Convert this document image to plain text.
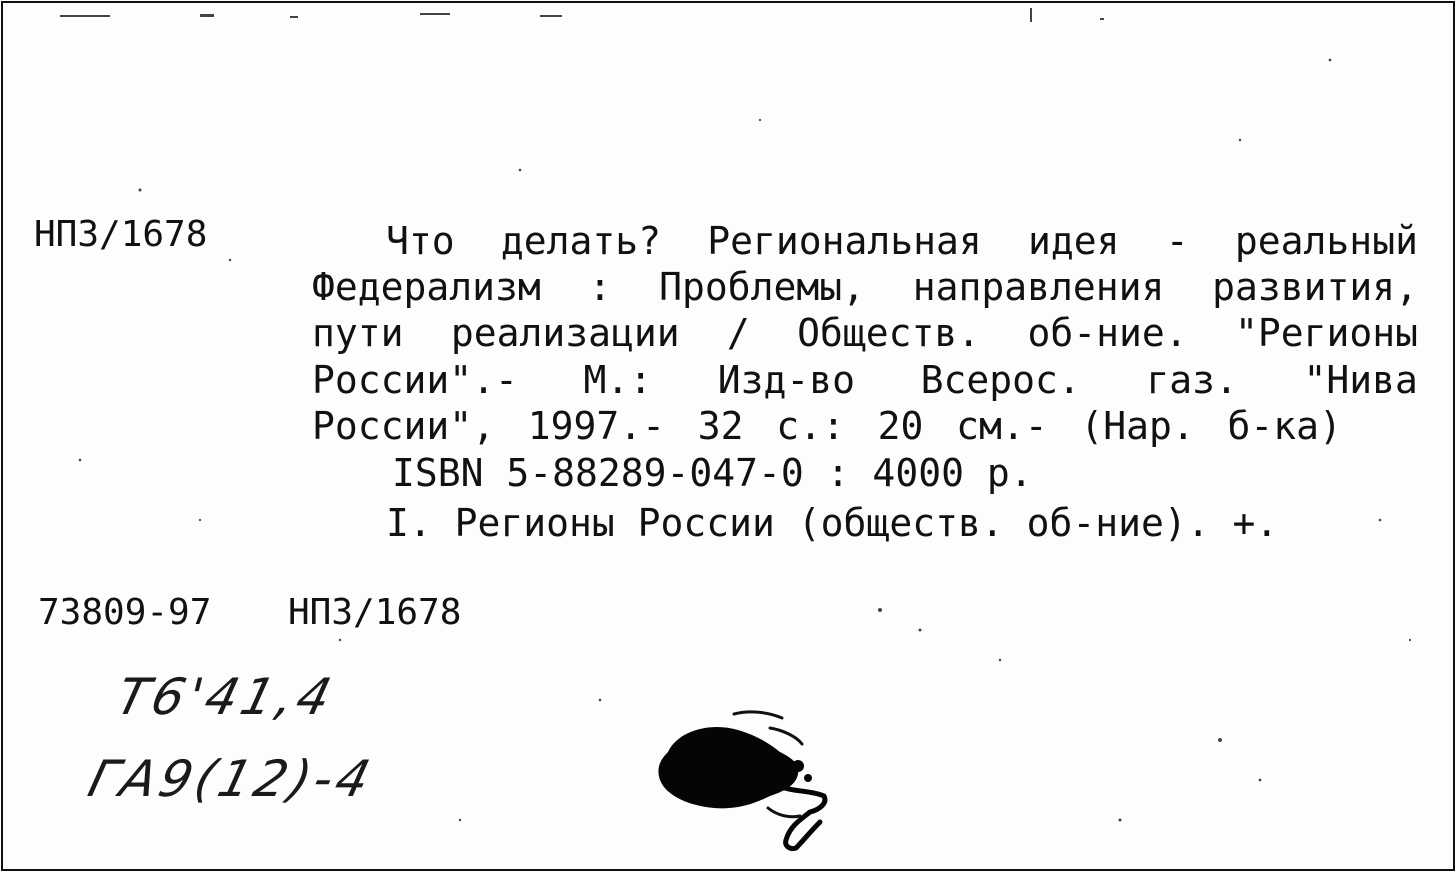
НПЗ/1678	Что делать? Региональная идея - реальный
Федерализм : Проблемы, направления развития,
пути реализации / Обществ. об-ние. "Регионы
России".- М.: Изд-во Всерос. газ. "Нива
России", 1997.- 32 с.: 20 см.- (Нар. б-ка)
ISBN 5-88289-047-0 : 4000 р.
I. Регионы России (обществ. об-ние). +.
73809-97 НПЗ/1678
Т6'41,4
ГА9(12)-4
